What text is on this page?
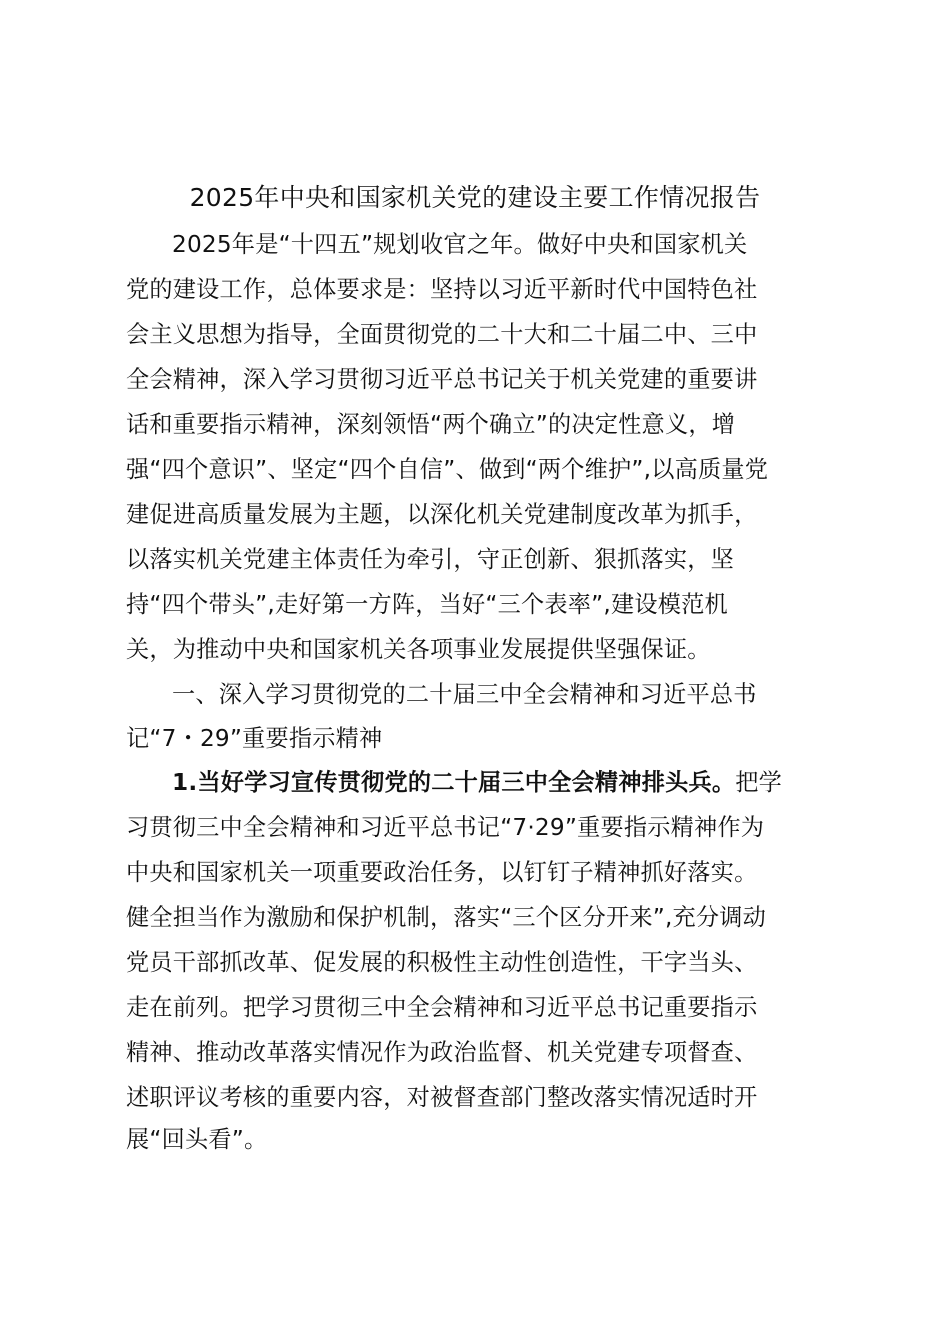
2025年中央和国家机关党的建设主要工作情况报告
2025年是“十四五”规划收官之年。做好中央和国家机关
党的建设工作，总体要求是：坚持以习近平新时代中国特色社
会主义思想为指导，全面贯彻党的二十大和二十届二中、三中
全会精神，深入学习贯彻习近平总书记关于机关党建的重要讲
话和重要指示精神，深刻领悟“两个确立”的决定性意义，增
强“四个意识”、坚定“四个自信”、做到“两个维护”,以高质量党
建促进高质量发展为主题，以深化机关党建制度改革为抓手，
以落实机关党建主体责任为牵引，守正创新、狠抓落实，坚
持“四个带头”,走好第一方阵，当好“三个表率”,建设模范机
关，为推动中央和国家机关各项事业发展提供坚强保证。
一、深入学习贯彻党的二十届三中全会精神和习近平总书
记“7・29”重要指示精神
1.当好学习宣传贯彻党的二十届三中全会精神排头兵。把学
习贯彻三中全会精神和习近平总书记“7·29”重要指示精神作为
中央和国家机关一项重要政治任务，以钉钉子精神抓好落实。
健全担当作为激励和保护机制，落实“三个区分开来”,充分调动
党员干部抓改革、促发展的积极性主动性创造性，干字当头、
走在前列。把学习贯彻三中全会精神和习近平总书记重要指示
精神、推动改革落实情况作为政治监督、机关党建专项督查、
述职评议考核的重要内容，对被督查部门整改落实情况适时开
展“回头看”。
